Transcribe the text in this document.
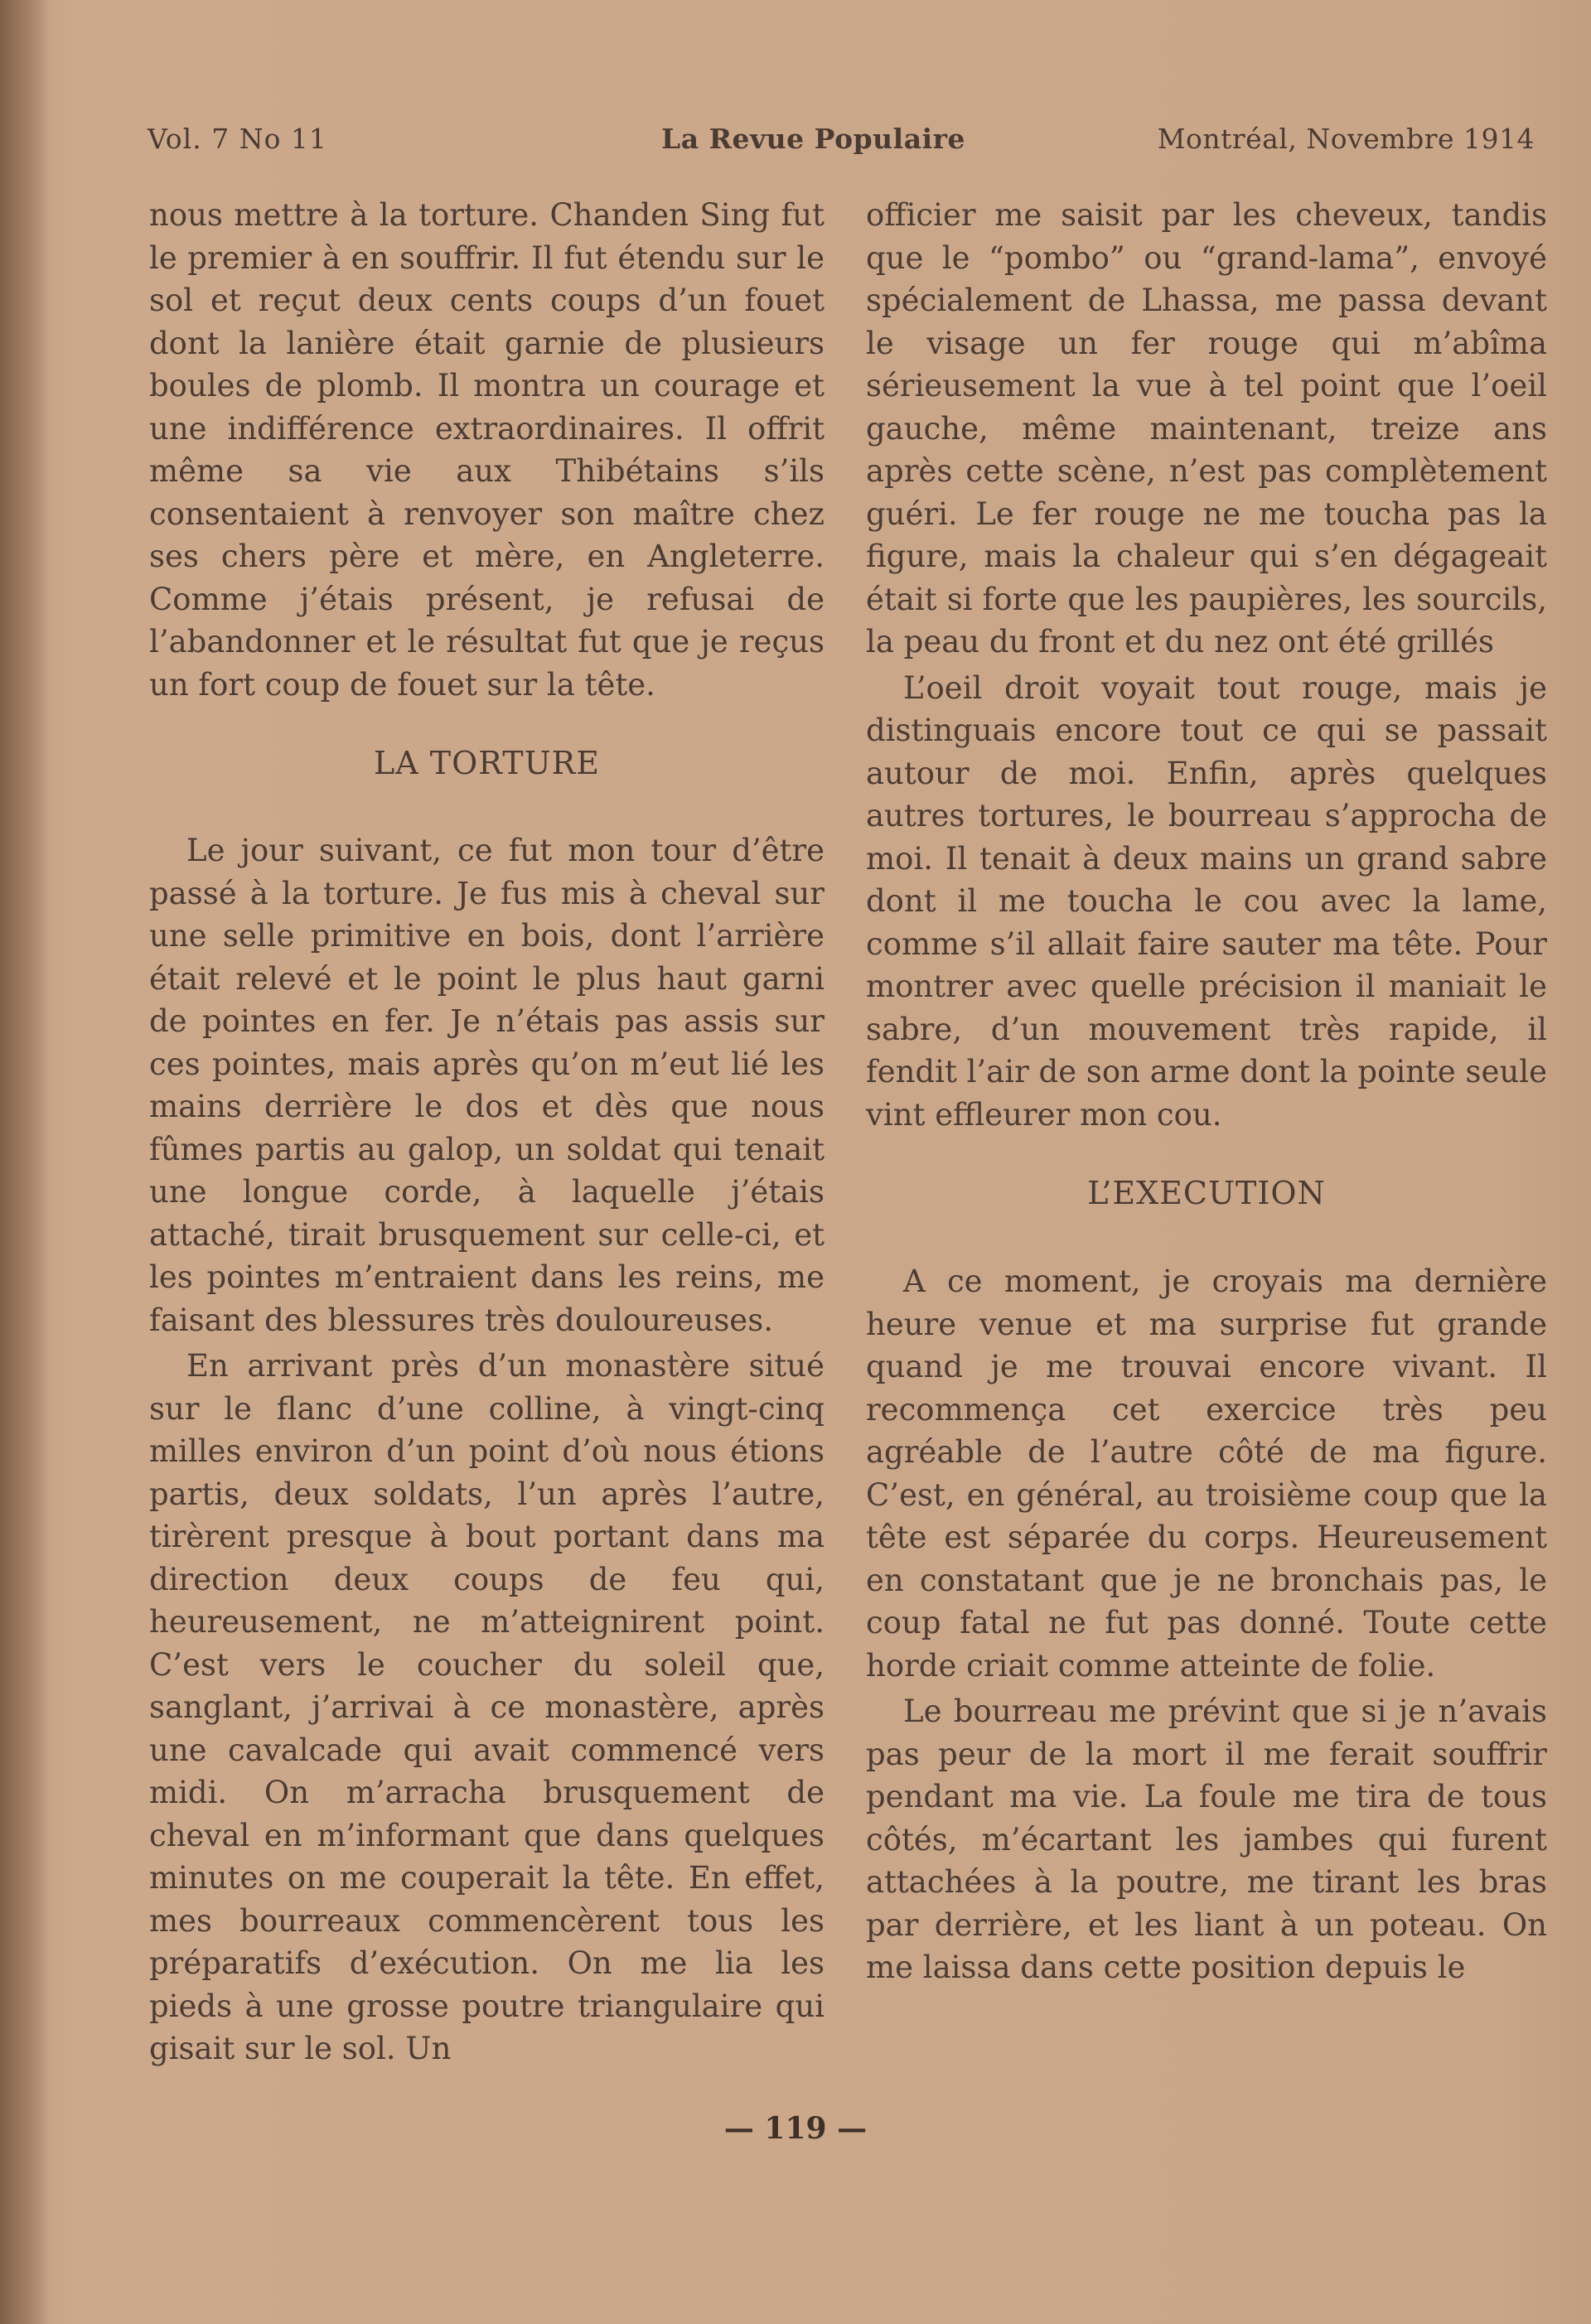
Vol. 7 No 11	La Revue Populaire	Montréal, Novembre 1914

nous mettre à la torture. Chanden Sing fut le premier à en souffrir. Il fut étendu sur le sol et reçut deux cents coups d’un fouet dont la lanière était garnie de plusieurs boules de plomb. Il montra un courage et une indifférence extraordinaires. Il offrit même sa vie aux Thibétains s’ils consentaient à renvoyer son maître chez ses chers père et mère, en Angleterre. Comme j’étais présent, je refusai de l’abandonner et le résultat fut que je reçus un fort coup de fouet sur la tête.

LA TORTURE

Le jour suivant, ce fut mon tour d’être passé à la torture. Je fus mis à cheval sur une selle primitive en bois, dont l’arrière était relevé et le point le plus haut garni de pointes en fer. Je n’étais pas assis sur ces pointes, mais après qu’on m’eut lié les mains derrière le dos et dès que nous fûmes partis au galop, un soldat qui tenait une longue corde, à laquelle j’étais attaché, tirait brusquement sur celle-ci, et les pointes m’entraient dans les reins, me faisant des blessures très douloureuses.

En arrivant près d’un monastère situé sur le flanc d’une colline, à vingt-cinq milles environ d’un point d’où nous étions partis, deux soldats, l’un après l’autre, tirèrent presque à bout portant dans ma direction deux coups de feu qui, heureusement, ne m’atteignirent point. C’est vers le coucher du soleil que, sanglant, j’arrivai à ce monastère, après une cavalcade qui avait commencé vers midi. On m’arracha brusquement de cheval en m’informant que dans quelques minutes on me couperait la tête. En effet, mes bourreaux commencèrent tous les préparatifs d’exécution. On me lia les pieds à une grosse poutre triangulaire qui gisait sur le sol. Un

officier me saisit par les cheveux, tandis que le “pombo” ou “grand-lama”, envoyé spécialement de Lhassa, me passa devant le visage un fer rouge qui m’abîma sérieusement la vue à tel point que l’oeil gauche, même maintenant, treize ans après cette scène, n’est pas complètement guéri. Le fer rouge ne me toucha pas la figure, mais la chaleur qui s’en dégageait était si forte que les paupières, les sourcils, la peau du front et du nez ont été grillés

L’oeil droit voyait tout rouge, mais je distinguais encore tout ce qui se passait autour de moi. Enfin, après quelques autres tortures, le bourreau s’approcha de moi. Il tenait à deux mains un grand sabre dont il me toucha le cou avec la lame, comme s’il allait faire sauter ma tête. Pour montrer avec quelle précision il maniait le sabre, d’un mouvement très rapide, il fendit l’air de son arme dont la pointe seule vint effleurer mon cou.

L’EXECUTION

A ce moment, je croyais ma dernière heure venue et ma surprise fut grande quand je me trouvai encore vivant. Il recommença cet exercice très peu agréable de l’autre côté de ma figure. C’est, en général, au troisième coup que la tête est séparée du corps. Heureusement en constatant que je ne bronchais pas, le coup fatal ne fut pas donné. Toute cette horde criait comme atteinte de folie.

Le bourreau me prévint que si je n’avais pas peur de la mort il me ferait souffrir pendant ma vie. La foule me tira de tous côtés, m’écartant les jambes qui furent attachées à la poutre, me tirant les bras par derrière, et les liant à un poteau. On me laissa dans cette position depuis le

— 119 —
